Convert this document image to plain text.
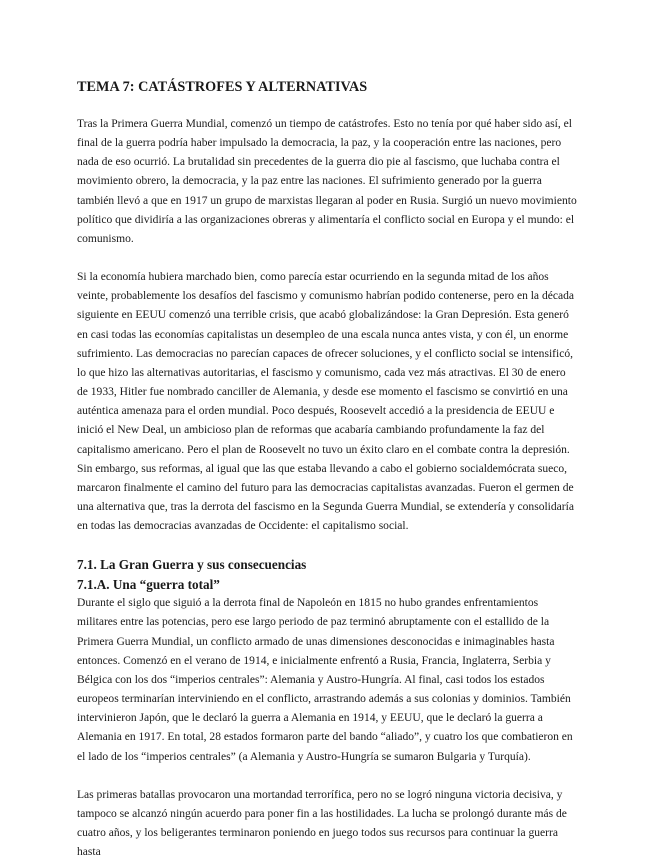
TEMA 7: CATÁSTROFES Y ALTERNATIVAS

Tras la Primera Guerra Mundial, comenzó un tiempo de catástrofes. Esto no tenía por qué haber sido así, el final de la guerra podría haber impulsado la democracia, la paz, y la cooperación entre las naciones, pero nada de eso ocurrió. La brutalidad sin precedentes de la guerra dio pie al fascismo, que luchaba contra el movimiento obrero, la democracia, y la paz entre las naciones. El sufrimiento generado por la guerra también llevó a que en 1917 un grupo de marxistas llegaran al poder en Rusia. Surgió un nuevo movimiento político que dividiría a las organizaciones obreras y alimentaría el conflicto social en Europa y el mundo: el comunismo.

Si la economía hubiera marchado bien, como parecía estar ocurriendo en la segunda mitad de los años veinte, probablemente los desafíos del fascismo y comunismo habrían podido contenerse, pero en la década siguiente en EEUU comenzó una terrible crisis, que acabó globalizándose: la Gran Depresión. Esta generó en casi todas las economías capitalistas un desempleo de una escala nunca antes vista, y con él, un enorme sufrimiento. Las democracias no parecían capaces de ofrecer soluciones, y el conflicto social se intensificó, lo que hizo las alternativas autoritarias, el fascismo y comunismo, cada vez más atractivas. El 30 de enero de 1933, Hitler fue nombrado canciller de Alemania, y desde ese momento el fascismo se convirtió en una auténtica amenaza para el orden mundial. Poco después, Roosevelt accedió a la presidencia de EEUU e inició el New Deal, un ambicioso plan de reformas que acabaría cambiando profundamente la faz del capitalismo americano. Pero el plan de Roosevelt no tuvo un éxito claro en el combate contra la depresión. Sin embargo, sus reformas, al igual que las que estaba llevando a cabo el gobierno socialdemócrata sueco, marcaron finalmente el camino del futuro para las democracias capitalistas avanzadas. Fueron el germen de una alternativa que, tras la derrota del fascismo en la Segunda Guerra Mundial, se extendería y consolidaría en todas las democracias avanzadas de Occidente: el capitalismo social.

7.1. La Gran Guerra y sus consecuencias
7.1.A. Una “guerra total”

Durante el siglo que siguió a la derrota final de Napoleón en 1815 no hubo grandes enfrentamientos militares entre las potencias, pero ese largo periodo de paz terminó abruptamente con el estallido de la Primera Guerra Mundial, un conflicto armado de unas dimensiones desconocidas e inimaginables hasta entonces. Comenzó en el verano de 1914, e inicialmente enfrentó a Rusia, Francia, Inglaterra, Serbia y Bélgica con los dos “imperios centrales”: Alemania y Austro-Hungría. Al final, casi todos los estados europeos terminarían interviniendo en el conflicto, arrastrando además a sus colonias y dominios. También intervinieron Japón, que le declaró la guerra a Alemania en 1914, y EEUU, que le declaró la guerra a Alemania en 1917. En total, 28 estados formaron parte del bando “aliado”, y cuatro los que combatieron en el lado de los “imperios centrales” (a Alemania y Austro-Hungría se sumaron Bulgaria y Turquía).

Las primeras batallas provocaron una mortandad terrorífica, pero no se logró ninguna victoria decisiva, y tampoco se alcanzó ningún acuerdo para poner fin a las hostilidades. La lucha se prolongó durante más de cuatro años, y los beligerantes terminaron poniendo en juego todos sus recursos para continuar la guerra hasta
